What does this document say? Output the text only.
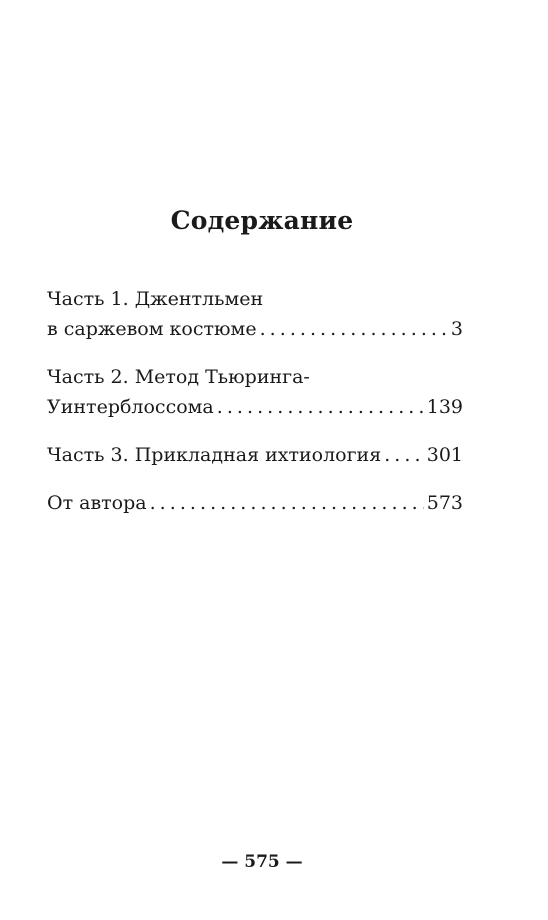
Содержание
Часть 1. Джентльмен
в саржевом костюме . . .	3
Часть 2. Метод Тьюринга-
Уинтерблоссома . . .	139
Часть 3. Прикладная ихтиология . . . 301
От автора . . .	573
— 575 —
